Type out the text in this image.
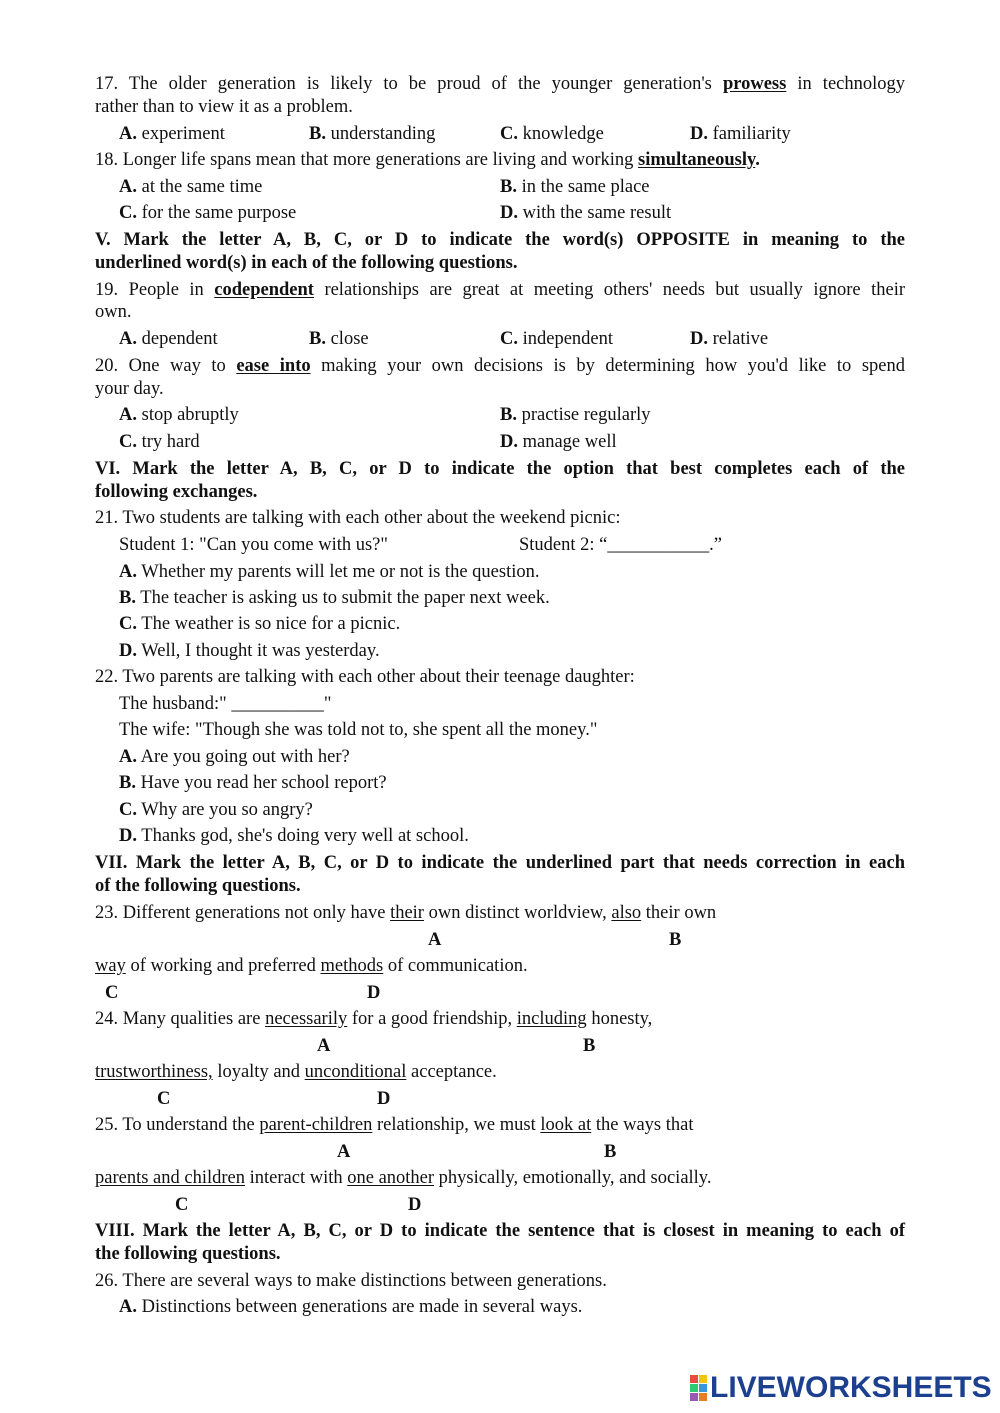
17. The older generation is likely to be proud of the younger generation's prowess in technology
rather than to view it as a problem.
A. experiment	B. understanding	C. knowledge	D. familiarity
18. Longer life spans mean that more generations are living and working simultaneously.
A. at the same time	B. in the same place
C. for the same purpose	D. with the same result
V. Mark the letter A, B, C, or D to indicate the word(s) OPPOSITE in meaning to the
underlined word(s) in each of the following questions.
19. People in codependent relationships are great at meeting others' needs but usually ignore their
own.
A. dependent	B. close	C. independent	D. relative
20. One way to ease into making your own decisions is by determining how you'd like to spend
your day.
A. stop abruptly	B. practise regularly
C. try hard	D. manage well
VI. Mark the letter A, B, C, or D to indicate the option that best completes each of the
following exchanges.
21. Two students are talking with each other about the weekend picnic:
Student 1: "Can you come with us?"	Student 2: “___________.”
A. Whether my parents will let me or not is the question.
B. The teacher is asking us to submit the paper next week.
C. The weather is so nice for a picnic.
D. Well, I thought it was yesterday.
22. Two parents are talking with each other about their teenage daughter:
The husband:" __________"
The wife: "Though she was told not to, she spent all the money."
A. Are you going out with her?
B. Have you read her school report?
C. Why are you so angry?
D. Thanks god, she's doing very well at school.
VII. Mark the letter A, B, C, or D to indicate the underlined part that needs correction in each
of the following questions.
23. Different generations not only have their own distinct worldview, also their own
A	B
way of working and preferred methods of communication.
C	D
24. Many qualities are necessarily for a good friendship, including honesty,
A	B
trustworthiness, loyalty and unconditional acceptance.
C	D
25. To understand the parent-children relationship, we must look at the ways that
A	B
parents and children interact with one another physically, emotionally, and socially.
C	D
VIII. Mark the letter A, B, C, or D to indicate the sentence that is closest in meaning to each of
the following questions.
26. There are several ways to make distinctions between generations.
A. Distinctions between generations are made in several ways.
LIVEWORKSHEETS
